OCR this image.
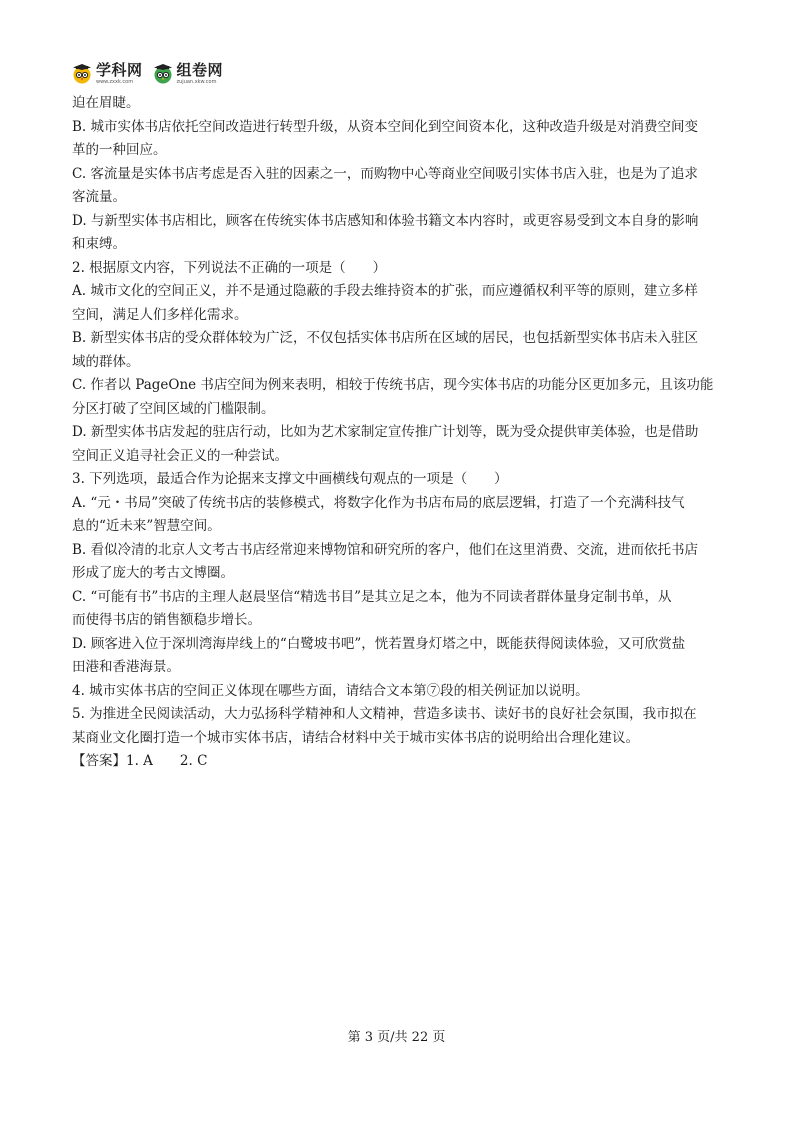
学科网
www.zxxk.com
组卷网
zujuan.xkw.com
迫在眉睫。
B. 城市实体书店依托空间改造进行转型升级，从资本空间化到空间资本化，这种改造升级是对消费空间变
革的一种回应。
C. 客流量是实体书店考虑是否入驻的因素之一，而购物中心等商业空间吸引实体书店入驻，也是为了追求
客流量。
D. 与新型实体书店相比，顾客在传统实体书店感知和体验书籍文本内容时，或更容易受到文本自身的影响
和束缚。
2. 根据原文内容，下列说法不正确的一项是（　　）
A. 城市文化的空间正义，并不是通过隐蔽的手段去维持资本的扩张，而应遵循权利平等的原则，建立多样
空间，满足人们多样化需求。
B. 新型实体书店的受众群体较为广泛，不仅包括实体书店所在区域的居民，也包括新型实体书店未入驻区
域的群体。
C. 作者以 PageOne 书店空间为例来表明，相较于传统书店，现今实体书店的功能分区更加多元，且该功能
分区打破了空间区域的门槛限制。
D. 新型实体书店发起的驻店行动，比如为艺术家制定宣传推广计划等，既为受众提供审美体验，也是借助
空间正义追寻社会正义的一种尝试。
3. 下列选项，最适合作为论据来支撑文中画横线句观点的一项是（　　）
A. “元・书局”突破了传统书店的装修模式，将数字化作为书店布局的底层逻辑，打造了一个充满科技气
息的“近未来”智慧空间。
B. 看似冷清的北京人文考古书店经常迎来博物馆和研究所的客户，他们在这里消费、交流，进而依托书店
形成了庞大的考古文博圈。
C. “可能有书”书店的主理人赵晨坚信“精选书目”是其立足之本，他为不同读者群体量身定制书单，从
而使得书店的销售额稳步增长。
D. 顾客进入位于深圳湾海岸线上的“白鹭坡书吧”，恍若置身灯塔之中，既能获得阅读体验，又可欣赏盐
田港和香港海景。
4. 城市实体书店的空间正义体现在哪些方面，请结合文本第⑦段的相关例证加以说明。
5. 为推进全民阅读活动，大力弘扬科学精神和人文精神，营造多读书、读好书的良好社会氛围，我市拟在
某商业文化圈打造一个城市实体书店，请结合材料中关于城市实体书店的说明给出合理化建议。
【答案】1. A　　2. C
第 3 页/共 22 页
